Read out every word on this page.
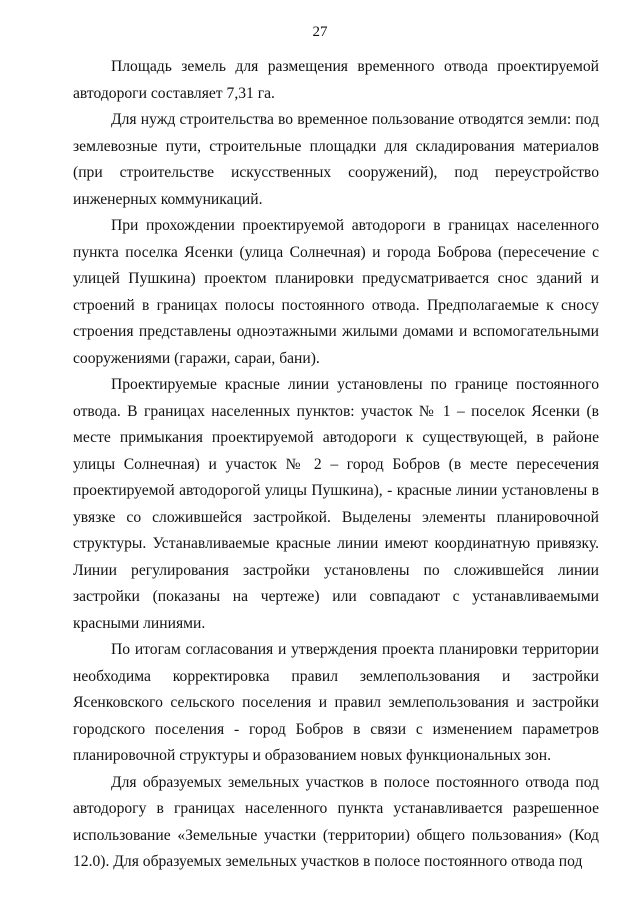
27

Площадь земель для размещения временного отвода проектируемой автодороги составляет 7,31 га.

Для нужд строительства во временное пользование отводятся земли: под землевозные пути, строительные площадки для складирования материалов (при строительстве искусственных сооружений), под переустройство инженерных коммуникаций.

При прохождении проектируемой автодороги в границах населенного пункта поселка Ясенки (улица Солнечная) и города Боброва (пересечение с улицей Пушкина) проектом планировки предусматривается снос зданий и строений в границах полосы постоянного отвода. Предполагаемые к сносу строения представлены одноэтажными жилыми домами и вспомогательными сооружениями (гаражи, сараи, бани).

Проектируемые красные линии установлены по границе постоянного отвода. В границах населенных пунктов: участок № 1 – поселок Ясенки (в месте примыкания проектируемой автодороги к существующей, в районе улицы Солнечная) и участок № 2 – город Бобров (в месте пересечения проектируемой автодорогой улицы Пушкина), - красные линии установлены в увязке со сложившейся застройкой. Выделены элементы планировочной структуры. Устанавливаемые красные линии имеют координатную привязку. Линии регулирования застройки установлены по сложившейся линии застройки (показаны на чертеже) или совпадают с устанавливаемыми красными линиями.

По итогам согласования и утверждения проекта планировки территории необходима корректировка правил землепользования и застройки Ясенковского сельского поселения и правил землепользования и застройки городского поселения - город Бобров в связи с изменением параметров планировочной структуры и образованием новых функциональных зон.

Для образуемых земельных участков в полосе постоянного отвода под автодорогу в границах населенного пункта устанавливается разрешенное использование «Земельные участки (территории) общего пользования» (Код 12.0). Для образуемых земельных участков в полосе постоянного отвода под
